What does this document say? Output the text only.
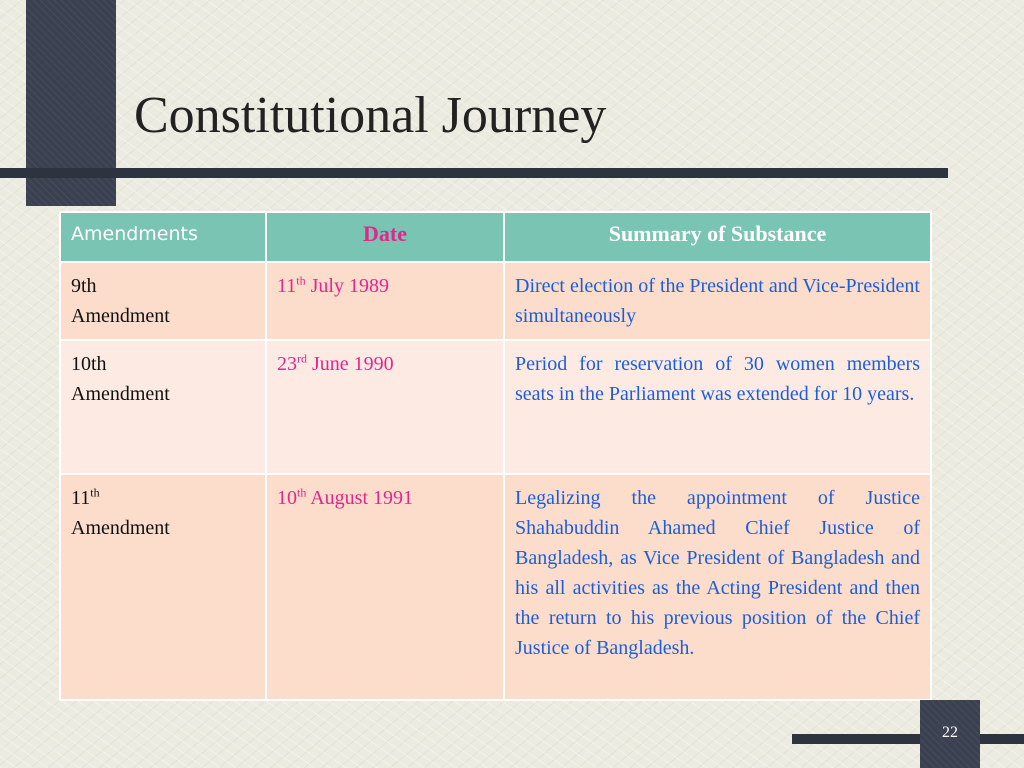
Constitutional Journey
Amendments	Date	Summary of Substance
9th
Amendment	11th July 1989	Direct election of the President and Vice-President simultaneously
10th
Amendment	23rd June 1990	Period for reservation of 30 women members seats in the Parliament was extended for 10 years.
11th
Amendment	10th August 1991	Legalizing the appointment of Justice Shahabuddin Ahamed Chief Justice of Bangladesh, as Vice President of Bangladesh and his all activities as the Acting President and then the return to his previous position of the Chief Justice of Bangladesh.
22
